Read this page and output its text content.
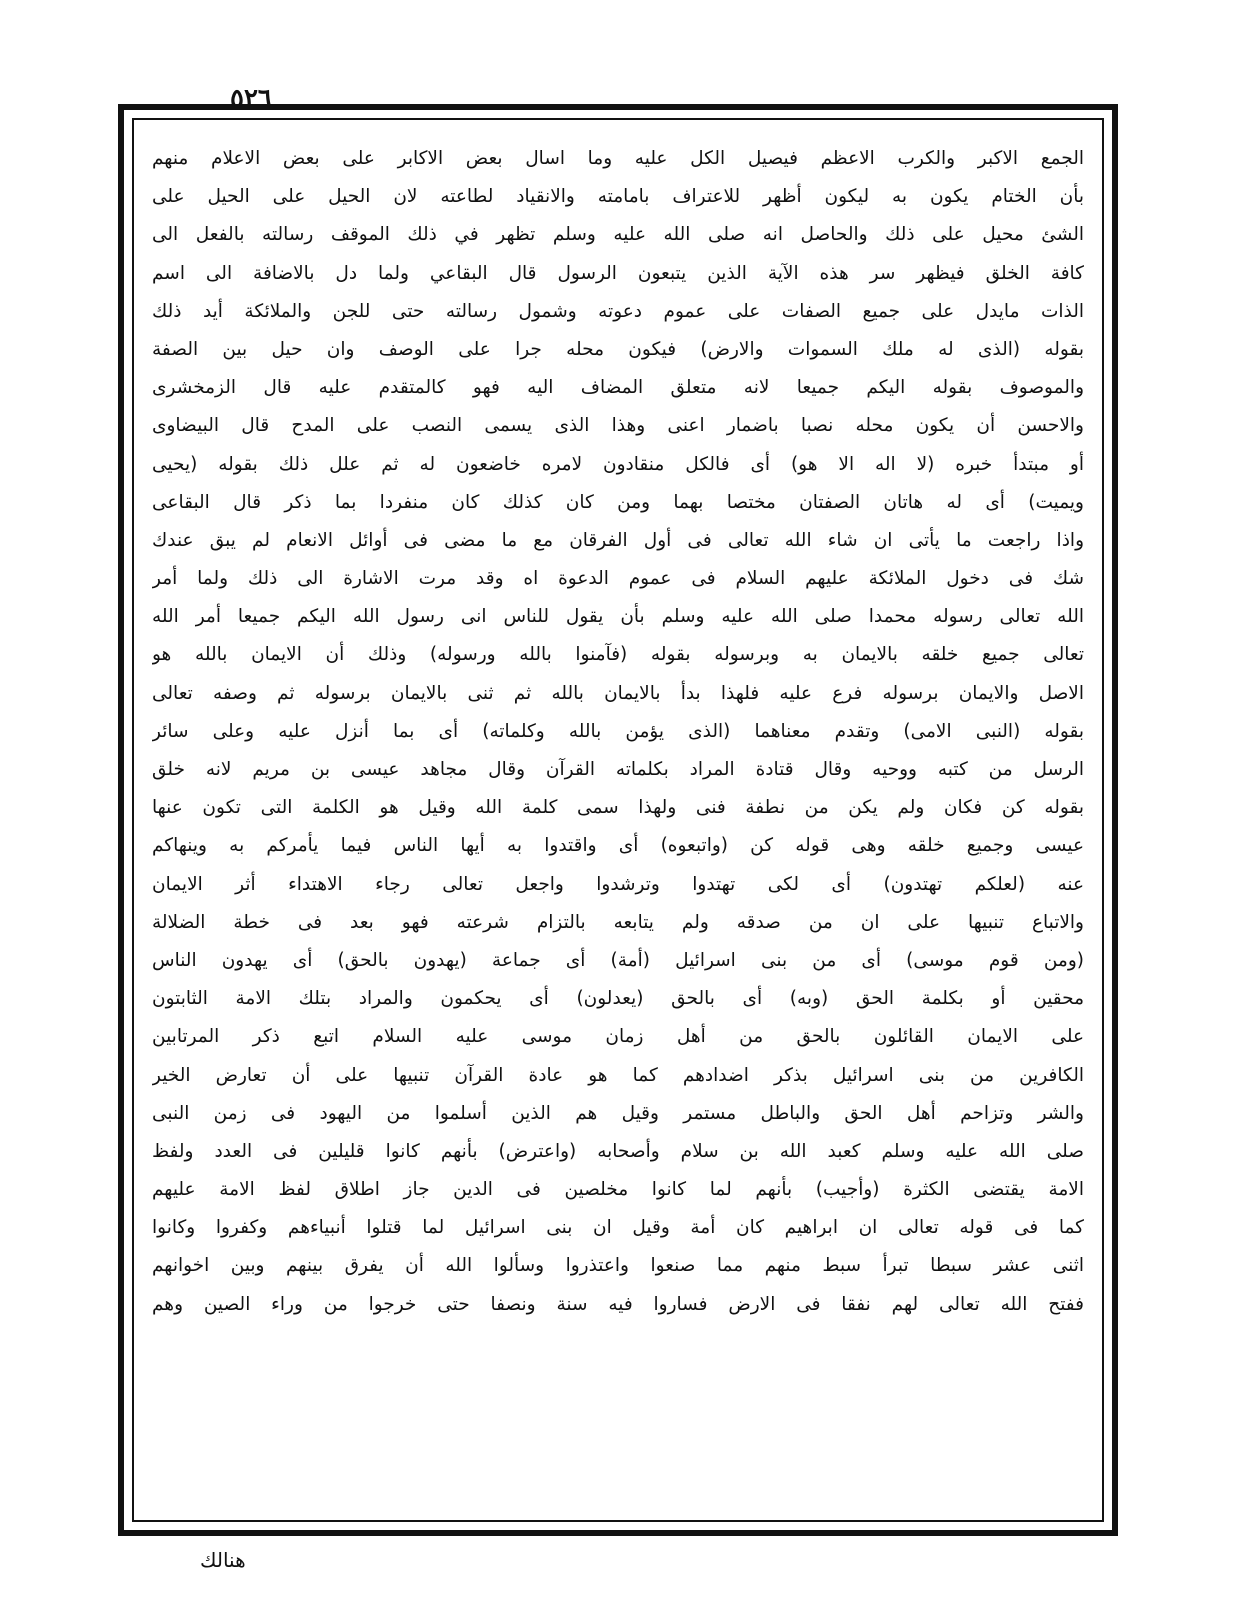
٥٢٦
الجمع الاكبر والكرب الاعظم فيصيل الكل عليه وما اسال بعض الاكابر على بعض الاعلام منهم
بأن الختام يكون به ليكون أظهر للاعتراف بامامته والانقياد لطاعته لان الحيل على الحيل على
الشئ محيل على ذلك والحاصل انه صلى الله عليه وسلم تظهر في ذلك الموقف رسالته بالفعل الى
كافة الخلق فيظهر سر هذه الآية الذين يتبعون الرسول قال البقاعي ولما دل بالاضافة الى اسم
الذات مايدل على جميع الصفات على عموم دعوته وشمول رسالته حتى للجن والملائكة أيد ذلك
بقوله (الذى له ملك السموات والارض) فيكون محله جرا على الوصف وان حيل بين الصفة
والموصوف بقوله اليكم جميعا لانه متعلق المضاف اليه فهو كالمتقدم عليه قال الزمخشرى
والاحسن أن يكون محله نصبا باضمار اعنى وهذا الذى يسمى النصب على المدح قال البيضاوى
أو مبتدأ خبره (لا اله الا هو) أى فالكل منقادون لامره خاضعون له ثم علل ذلك بقوله (يحيى
ويميت) أى له هاتان الصفتان مختصا بهما ومن كان كذلك كان منفردا بما ذكر قال البقاعى
واذا راجعت ما يأتى ان شاء الله تعالى فى أول الفرقان مع ما مضى فى أوائل الانعام لم يبق عندك
شك فى دخول الملائكة عليهم السلام فى عموم الدعوة اه وقد مرت الاشارة الى ذلك ولما أمر
الله تعالى رسوله محمدا صلى الله عليه وسلم بأن يقول للناس انى رسول الله اليكم جميعا أمر الله
تعالى جميع خلقه بالايمان به وبرسوله بقوله (فآمنوا بالله ورسوله) وذلك أن الايمان بالله هو
الاصل والايمان برسوله فرع عليه فلهذا بدأ بالايمان بالله ثم ثنى بالايمان برسوله ثم وصفه تعالى
بقوله (النبى الامى) وتقدم معناهما (الذى يؤمن بالله وكلماته) أى بما أنزل عليه وعلى سائر
الرسل من كتبه ووحيه وقال قتادة المراد بكلماته القرآن وقال مجاهد عيسى بن مريم لانه خلق
بقوله كن فكان ولم يكن من نطفة فنى ولهذا سمى كلمة الله وقيل هو الكلمة التى تكون عنها
عيسى وجميع خلقه وهى قوله كن (واتبعوه) أى واقتدوا به أيها الناس فيما يأمركم به وينهاكم
عنه (لعلكم تهتدون) أى لكى تهتدوا وترشدوا واجعل تعالى رجاء الاهتداء أثر الايمان
والاتباع تنبيها على ان من صدقه ولم يتابعه بالتزام شرعته فهو بعد فى خطة الضلالة
(ومن قوم موسى) أى من بنى اسرائيل (أمة) أى جماعة (يهدون بالحق) أى يهدون الناس
محقين أو بكلمة الحق (وبه) أى بالحق (يعدلون) أى يحكمون والمراد بتلك الامة الثابتون
على الايمان القائلون بالحق من أهل زمان موسى عليه السلام اتبع ذكر المرتابين
الكافرين من بنى اسرائيل بذكر اضدادهم كما هو عادة القرآن تنبيها على أن تعارض الخير
والشر وتزاحم أهل الحق والباطل مستمر وقيل هم الذين أسلموا من اليهود فى زمن النبى
صلى الله عليه وسلم كعبد الله بن سلام وأصحابه (واعترض) بأنهم كانوا قليلين فى العدد ولفظ
الامة يقتضى الكثرة (وأجيب) بأنهم لما كانوا مخلصين فى الدين جاز اطلاق لفظ الامة عليهم
كما فى قوله تعالى ان ابراهيم كان أمة وقيل ان بنى اسرائيل لما قتلوا أنبياءهم وكفروا وكانوا
اثنى عشر سبطا تبرأ سبط منهم مما صنعوا واعتذروا وسألوا الله أن يفرق بينهم وبين اخوانهم
ففتح الله تعالى لهم نفقا فى الارض فساروا فيه سنة ونصفا حتى خرجوا من وراء الصين وهم
هنالك
